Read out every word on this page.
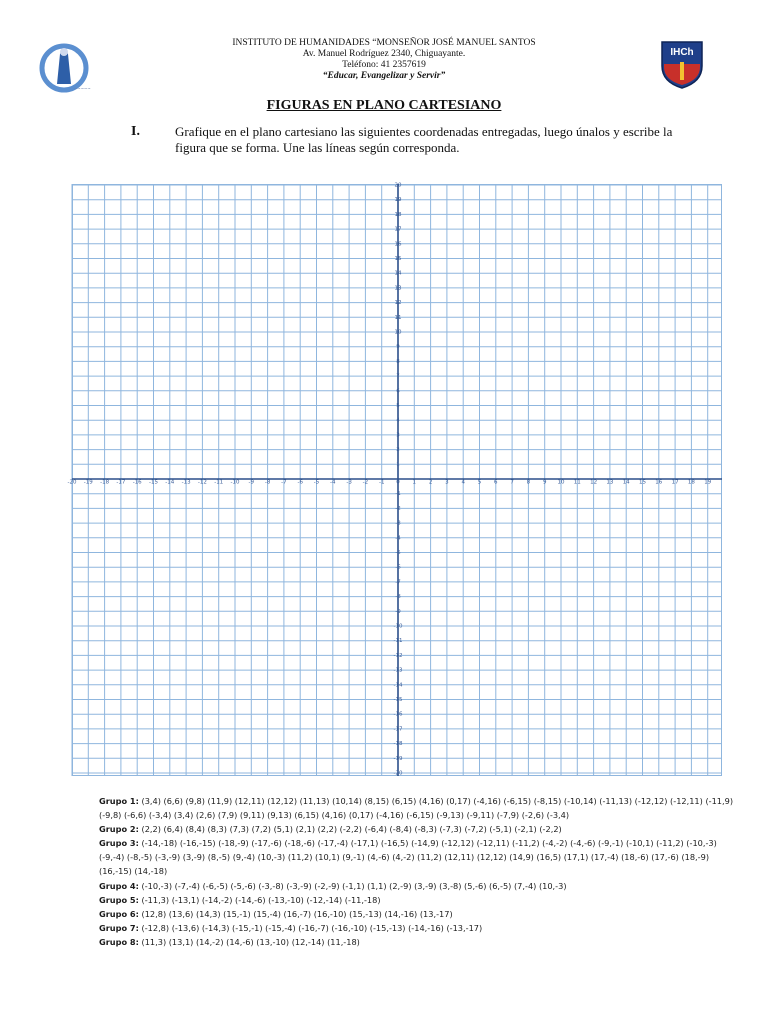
~~~~~
INSTITUTO DE HUMANIDADES “MONSEÑOR JOSÉ MANUEL SANTOS
Av. Manuel Rodríguez 2340, Chiguayante.
Teléfono: 41 2357619
“Educar, Evangelizar y Servir”
IHCh
FIGURAS EN PLANO CARTESIANO
I.	Grafique en el plano cartesiano las siguientes coordenadas entregadas, luego únalos y escribe la figura que se forma. Une las líneas según corresponda.
-20 -19 -18 -17 -16 -15 -14 -13 -12 -11 -10 -9 -8 -7 -6 -5 -4 -3 -2 -1 0 1 2 3 4 5 6 7 8 9 10 11 12 13 14 15 16 17 18 19
20
19
18
17
16
15
14
13
12
11
10
9
8
7
6
5
4
3
2
1
-1
-2
-3
-4
-5
-6
-7
-8
-9
-10
-11
-12
-13
-14
-15
-16
-17
-18
-19
-20
Grupo 1: (3,4) (6,6) (9,8) (11,9) (12,11) (12,12) (11,13) (10,14) (8,15) (6,15) (4,16) (0,17) (-4,16) (-6,15) (-8,15) (-10,14) (-11,13) (-12,12) (-12,11) (-11,9) (-9,8) (-6,6) (-3,4) (3,4) (2,6) (7,9) (9,11) (9,13) (6,15) (4,16) (0,17) (-4,16) (-6,15) (-9,13) (-9,11) (-7,9) (-2,6) (-3,4)
Grupo 2: (2,2) (6,4) (8,4) (8,3) (7,3) (7,2) (5,1) (2,1) (2,2) (-2,2) (-6,4) (-8,4) (-8,3) (-7,3) (-7,2) (-5,1) (-2,1) (-2,2)
Grupo 3: (-14,-18) (-16,-15) (-18,-9) (-17,-6) (-18,-6) (-17,-4) (-17,1) (-16,5) (-14,9) (-12,12) (-12,11) (-11,2) (-4,-2) (-4,-6) (-9,-1) (-10,1) (-11,2) (-10,-3) (-9,-4) (-8,-5) (-3,-9) (3,-9) (8,-5) (9,-4) (10,-3) (11,2) (10,1) (9,-1) (4,-6) (4,-2) (11,2) (12,11) (12,12) (14,9) (16,5) (17,1) (17,-4) (18,-6) (17,-6) (18,-9) (16,-15) (14,-18)
Grupo 4: (-10,-3) (-7,-4) (-6,-5) (-5,-6) (-3,-8) (-3,-9) (-2,-9) (-1,1) (1,1) (2,-9) (3,-9) (3,-8) (5,-6) (6,-5) (7,-4) (10,-3)
Grupo 5: (-11,3) (-13,1) (-14,-2) (-14,-6) (-13,-10) (-12,-14) (-11,-18)
Grupo 6: (12,8) (13,6) (14,3) (15,-1) (15,-4) (16,-7) (16,-10) (15,-13) (14,-16) (13,-17)
Grupo 7: (-12,8) (-13,6) (-14,3) (-15,-1) (-15,-4) (-16,-7) (-16,-10) (-15,-13) (-14,-16) (-13,-17)
Grupo 8: (11,3) (13,1) (14,-2) (14,-6) (13,-10) (12,-14) (11,-18)
